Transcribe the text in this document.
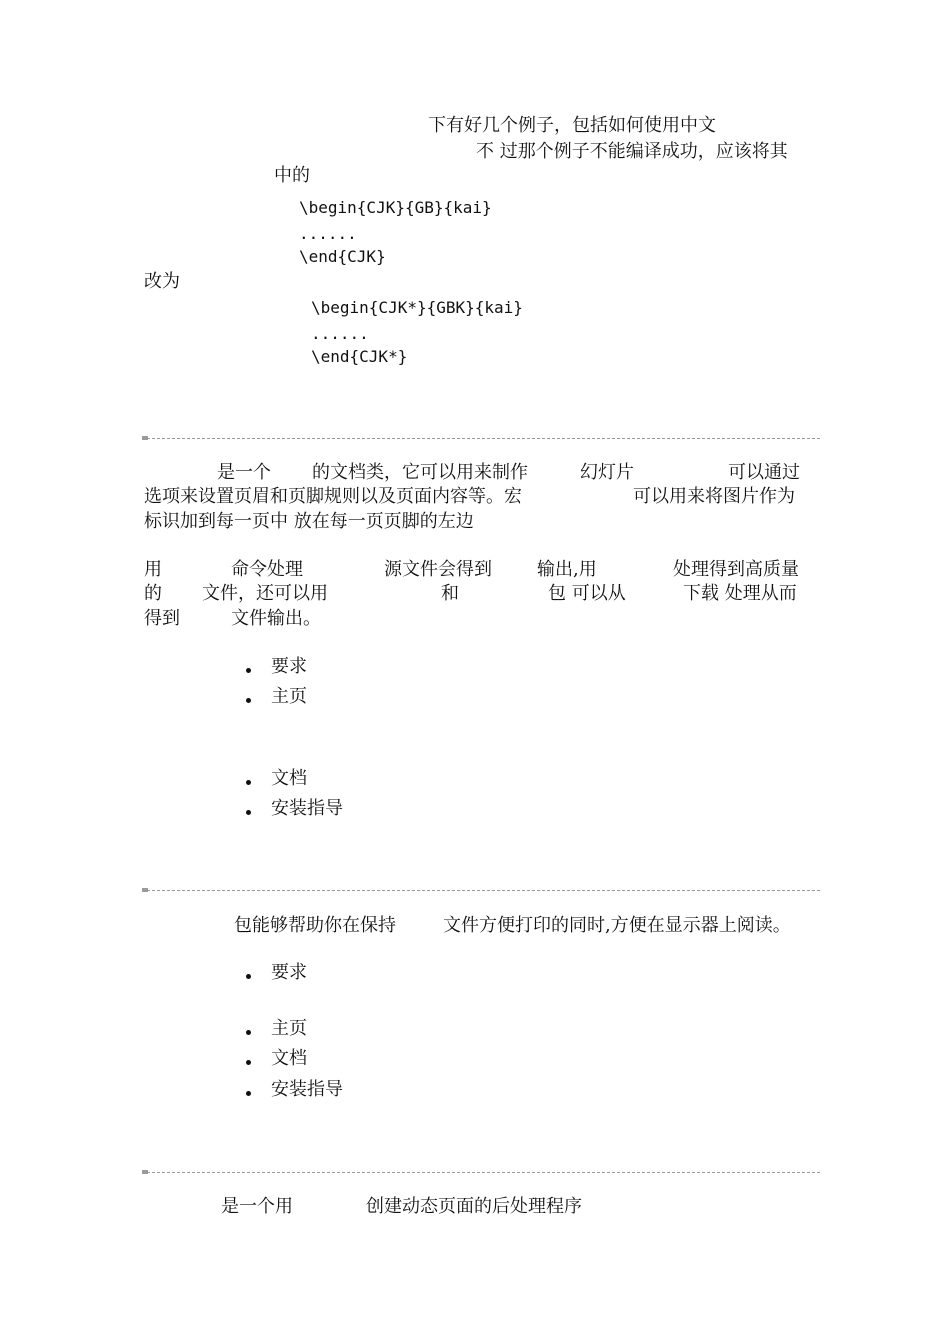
下有好几个例子，包括如何使用中文
不 过那个例子不能编译成功，应该将其
中的
\begin{CJK}{GB}{kai}
......
\end{CJK}
改为
\begin{CJK*}{GBK}{kai}
......
\end{CJK*}
是一个 的文档类，它可以用来制作	幻灯片	可以通过
选项来设置页眉和页脚规则以及页面内容等。宏	可以用来将图片作为
标识加到每一页中 放在每一页页脚的左边
用	命令处理	源文件会得到	输出,用	处理得到高质量
的 文件，还可以用	和	包 可以从	下载 处理从而
得到	文件输出。
要求
主页
文档
安装指导
包能够帮助你在保持	文件方便打印的同时,方便在显示器上阅读。
要求
主页
文档
安装指导
是一个用	创建动态页面的后处理程序
